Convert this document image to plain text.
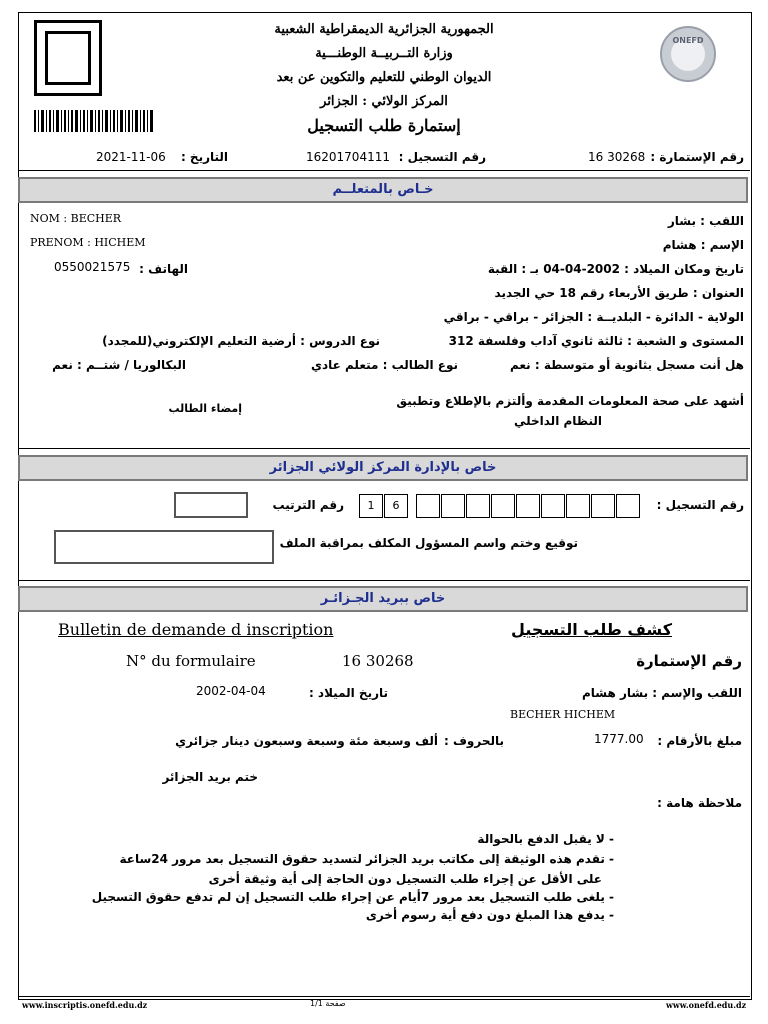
ONEFD
الجمهورية الجزائرية الديمقراطية الشعبية
وزارة التــربيــة الوطنـــية
الديوان الوطني للتعليم والتكوين عن بعد
المركز الولائي : الجزائر
إستمارة طلب التسجيل
رقم الإستمارة :
16 30268
رقم التسجيل :
16201704111
التاريخ :
2021-11-06
خـاص بالمتعلــم
اللقب : بشار
NOM : BECHER
الإسم : هشام
PRENOM : HICHEM
تاريخ ومكان الميلاد : 2002-04-04 بـ : القبة
الهاتف :
0550021575
العنوان : طريق الأربعاء رقم 18 حي الجديد
الولاية - الدائرة - البلديــة : الجزائر - براقي - براقي
المستوى و الشعبة : ثالثة ثانوي آداب وفلسفة 312
نوع الدروس : أرضية التعليم الإلكتروني(للمجدد)
هل أنت مسجل بثانوية أو متوسطة : نعم
نوع الطالب : متعلم عادي
البكالوريا / شتــم : نعم
أشهد على صحة المعلومات المقدمة وألتزم بالإطلاع وتطبيق
النظام الداخلي
إمضاء الطالب
خاص بالإدارة المركز الولائي الجزائر
رقم التسجيل :
6
1
رقم الترتيب
توقيع وختم واسم المسؤول المكلف بمراقبة الملف
خاص ببريد الجـزائـر
Bulletin de demande d inscription	كشف طلب التسجيل
N° du formulaire	16 30268	رقم الإستمارة
اللقب والإسم : بشار هشام
تاريخ الميلاد :
2002-04-04
BECHER HICHEM
مبلغ بالأرقام :
1777.00
بالحروف :
ألف وسبعة مئة وسبعة وسبعون دينار جزائري
ختم بريد الجزائر
ملاحظة هامة :
- لا يقبل الدفع بالحوالة
- تقدم هذه الوثيقة إلى مكاتب بريد الجزائر لتسديد حقوق التسجيل بعد مرور 24ساعة
على الأقل عن إجراء طلب التسجيل دون الحاجة إلى أية وثيقة أخرى
- يلغى طلب التسجيل بعد مرور 7أيام عن إجراء طلب التسجيل إن لم تدفع حقوق التسجيل
- يدفع هذا المبلغ دون دفع أية رسوم أخرى
www.inscriptis.onefd.edu.dz	صفحة 1/1	www.onefd.edu.dz
